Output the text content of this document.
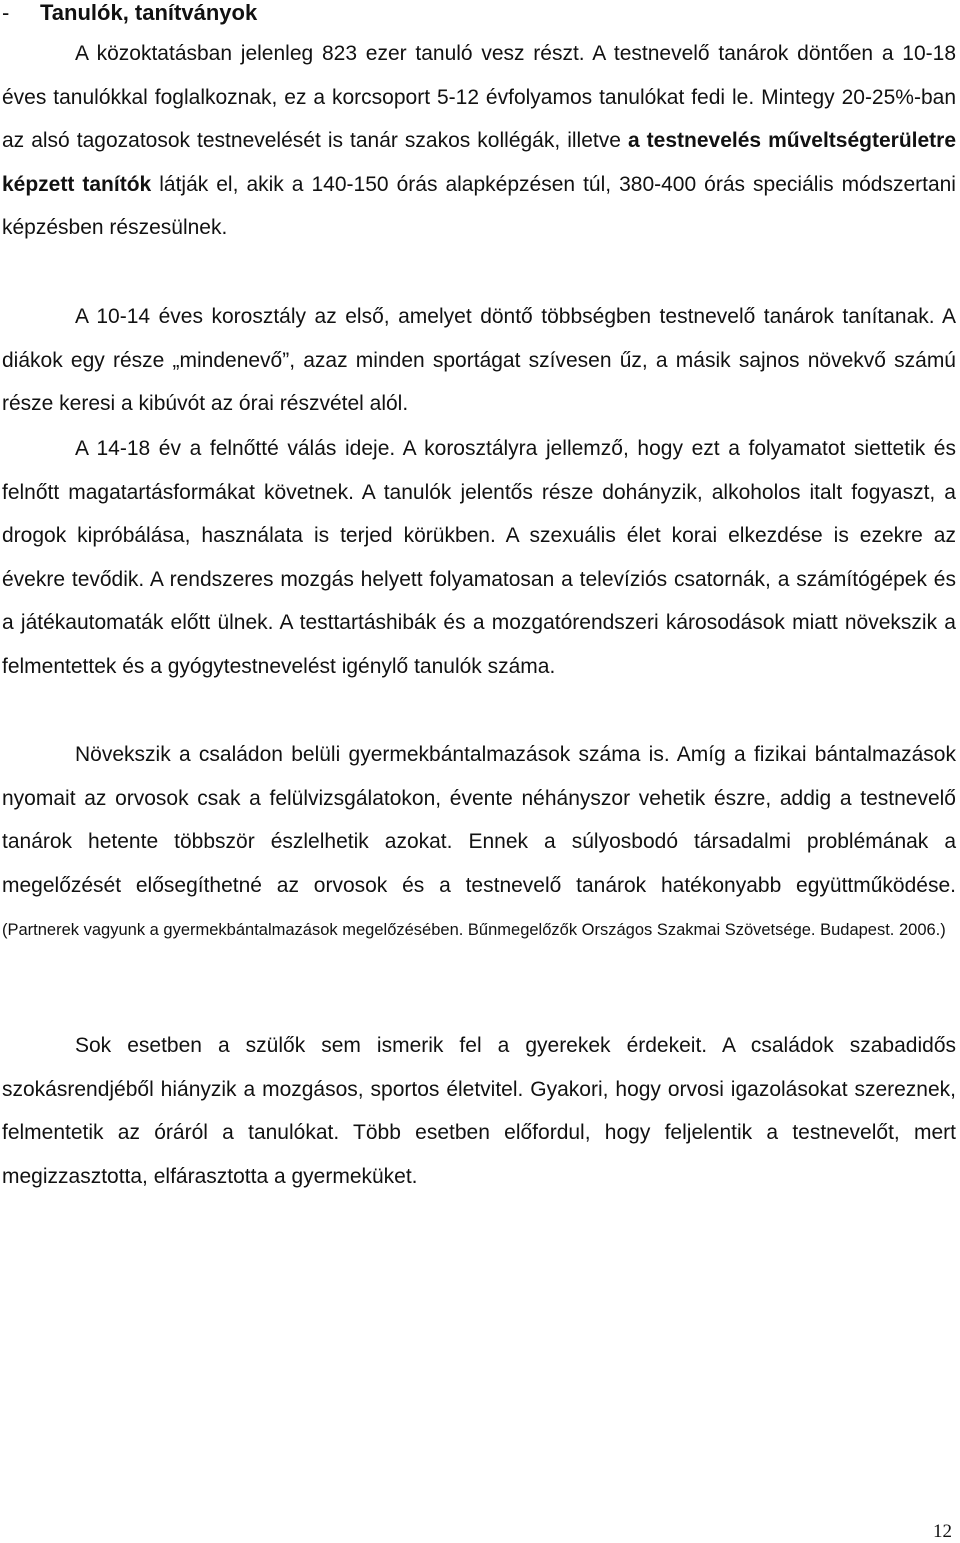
- Tanulók, tanítványok

A közoktatásban jelenleg 823 ezer tanuló vesz részt. A testnevelő tanárok döntően a 10-18 éves tanulókkal foglalkoznak, ez a korcsoport 5-12 évfolyamos tanulókat fedi le. Mintegy 20-25%-ban az alsó tagozatosok testnevelését is tanár szakos kollégák, illetve a testnevelés műveltségterületre képzett tanítók látják el, akik a 140-150 órás alapképzésen túl, 380-400 órás speciális módszertani képzésben részesülnek.

A 10-14 éves korosztály az első, amelyet döntő többségben testnevelő tanárok tanítanak. A diákok egy része „mindenevő”, azaz minden sportágat szívesen űz, a másik sajnos növekvő számú része keresi a kibúvót az órai részvétel alól.

A 14-18 év a felnőtté válás ideje. A korosztályra jellemző, hogy ezt a folyamatot siettetik és felnőtt magatartásformákat követnek. A tanulók jelentős része dohányzik, alkoholos italt fogyaszt, a drogok kipróbálása, használata is terjed körükben. A szexuális élet korai elkezdése is ezekre az évekre tevődik. A rendszeres mozgás helyett folyamatosan a televíziós csatornák, a számítógépek és a játékautomaták előtt ülnek. A testtartáshibák és a mozgatórendszeri károsodások miatt növekszik a felmentettek és a gyógytestnevelést igénylő tanulók száma.

Növekszik a családon belüli gyermekbántalmazások száma is. Amíg a fizikai bántalmazások nyomait az orvosok csak a felülvizsgálatokon, évente néhányszor vehetik észre, addig a testnevelő tanárok hetente többször észlelhetik azokat. Ennek a súlyosbodó társadalmi problémának a megelőzését elősegíthetné az orvosok és a testnevelő tanárok hatékonyabb együttműködése. (Partnerek vagyunk a gyermekbántalmazások megelőzésében. Bűnmegelőzők Országos Szakmai Szövetsége. Budapest. 2006.)

Sok esetben a szülők sem ismerik fel a gyerekek érdekeit. A családok szabadidős szokásrendjéből hiányzik a mozgásos, sportos életvitel. Gyakori, hogy orvosi igazolásokat szereznek, felmentetik az óráról a tanulókat. Több esetben előfordul, hogy feljelentik a testnevelőt, mert megizzasztotta, elfárasztotta a gyermeküket.

12
